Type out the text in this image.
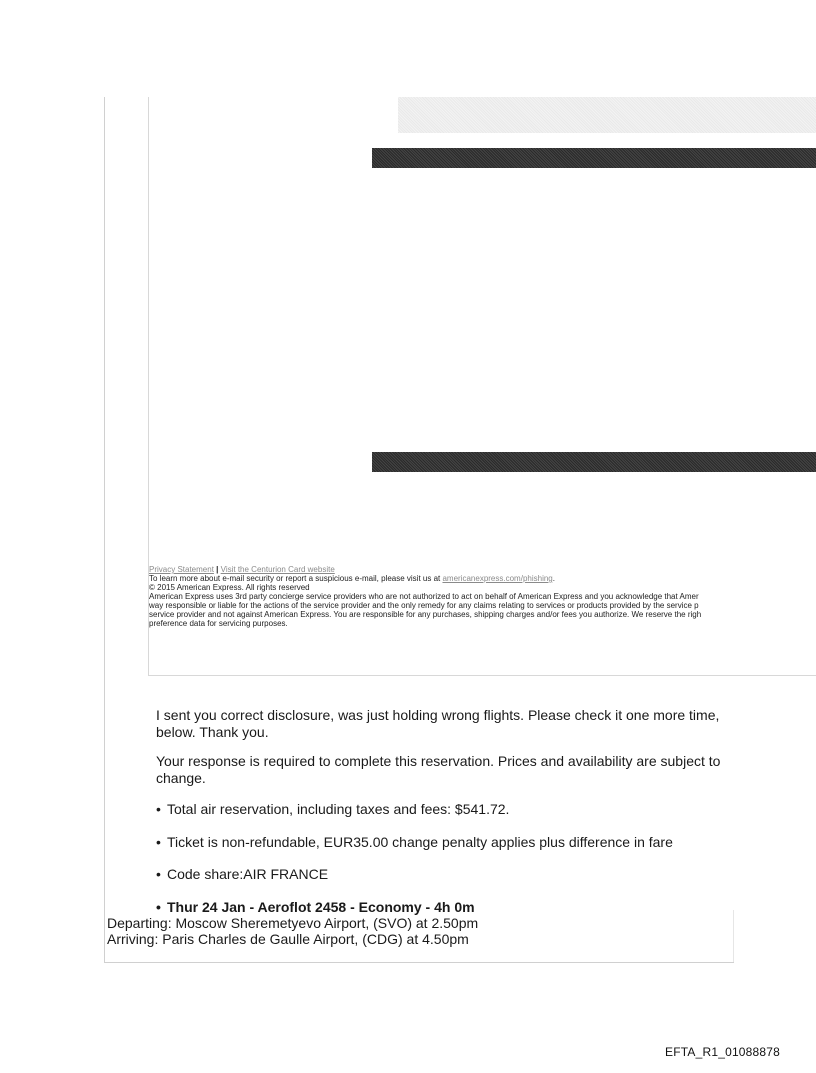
Privacy Statement | Visit the Centurion Card website
To learn more about e-mail security or report a suspicious e-mail, please visit us at americanexpress.com/phishing.
© 2015 American Express. All rights reserved
American Express uses 3rd party concierge service providers who are not authorized to act on behalf of American Express and you acknowledge that Amer
way responsible or liable for the actions of the service provider and the only remedy for any claims relating to services or products provided by the service p
service provider and not against American Express. You are responsible for any purchases, shipping charges and/or fees you authorize. We reserve the righ
preference data for servicing purposes.
I sent you correct disclosure, was just holding wrong flights. Please check it one more time, below. Thank you.
Your response is required to complete this reservation. Prices and availability are subject to change.
• Total air reservation, including taxes and fees: $541.72.
• Ticket is non-refundable, EUR35.00 change penalty applies plus difference in fare
• Code share:AIR FRANCE
• Thur 24 Jan - Aeroflot 2458 - Economy - 4h 0m
Departing: Moscow Sheremetyevo Airport, (SVO) at 2.50pm
Arriving: Paris Charles de Gaulle Airport, (CDG) at 4.50pm
EFTA_R1_01088878
